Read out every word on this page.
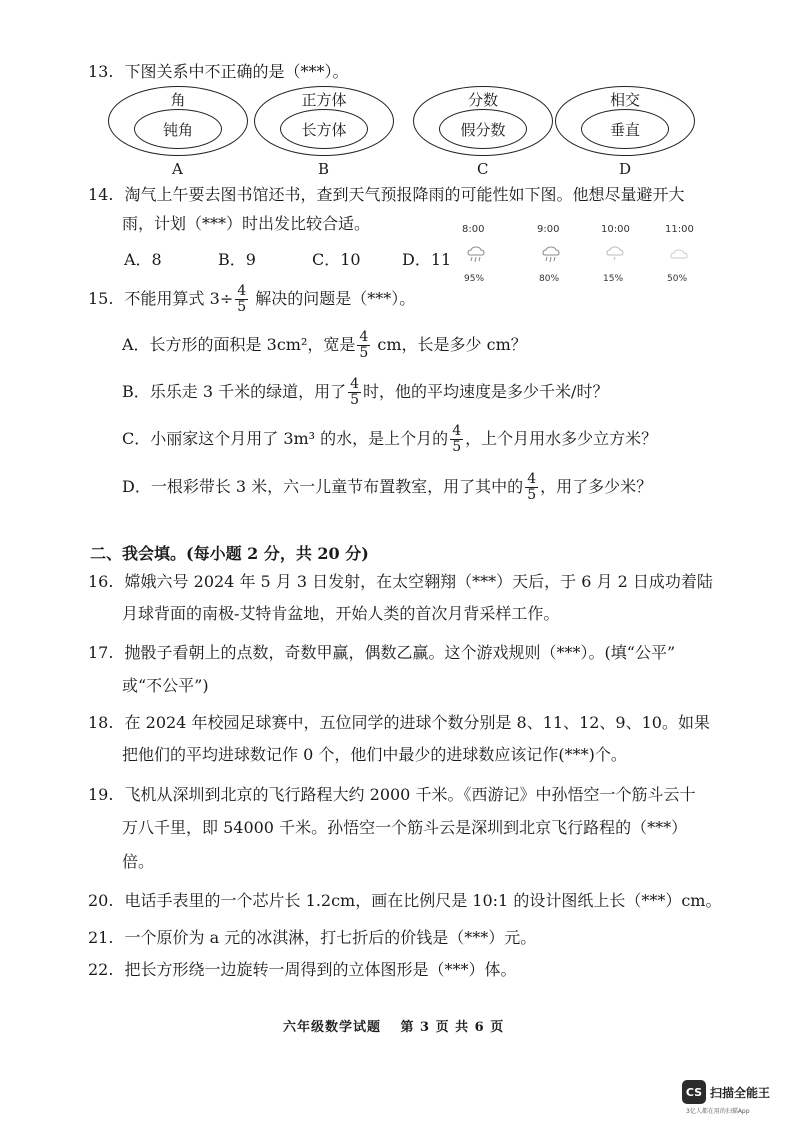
13. 下图关系中不正确的是（***）。
角
钝角
A
正方体
长方体
B
分数
假分数
C
相交
垂直
D
14. 淘气上午要去图书馆还书，查到天气预报降雨的可能性如下图。他想尽量避开大
雨，计划（***）时出发比较合适。
A．8	B．9	C．10	D．11
8:00
95%
9:00
80%
10:00
15%
11:00
50%
15. 不能用算式 $3\div \frac{4}{5}$ 解决的问题是（***）。
A．长方形的面积是 3cm²，宽是 $\frac{4}{5}$ cm，长是多少 cm？
B．乐乐走 3 千米的绿道，用了 $\frac{4}{5}$ 时，他的平均速度是多少千米/时？
C．小丽家这个月用了 3m³ 的水，是上个月的 $\frac{4}{5}$ ，上个月用水多少立方米？
D．一根彩带长 3 米，六一儿童节布置教室，用了其中的 $\frac{4}{5}$ ，用了多少米？
二、我会填。(每小题 2 分，共 20 分)
16. 嫦娥六号 2024 年 5 月 3 日发射，在太空翱翔（***）天后，于 6 月 2 日成功着陆
月球背面的南极-艾特肯盆地，开始人类的首次月背采样工作。
17. 抛骰子看朝上的点数，奇数甲赢，偶数乙赢。这个游戏规则（***）。(填“公平”
或“不公平”)
18. 在 2024 年校园足球赛中，五位同学的进球个数分别是 8、11、12、9、10。如果
把他们的平均进球数记作 0 个，他们中最少的进球数应该记作(***)个。
19. 飞机从深圳到北京的飞行路程大约 2000 千米。《西游记》中孙悟空一个筋斗云十
万八千里，即 54000 千米。孙悟空一个筋斗云是深圳到北京飞行路程的（***）
倍。
20. 电话手表里的一个芯片长 1.2cm，画在比例尺是 10:1 的设计图纸上长（***）cm。
21. 一个原价为 a 元的冰淇淋，打七折后的价钱是（***）元。
22. 把长方形绕一边旋转一周得到的立体图形是（***）体。
六年级数学试题　 第 3 页 共 6 页
CS 扫描全能王
3亿人都在用的扫描App
